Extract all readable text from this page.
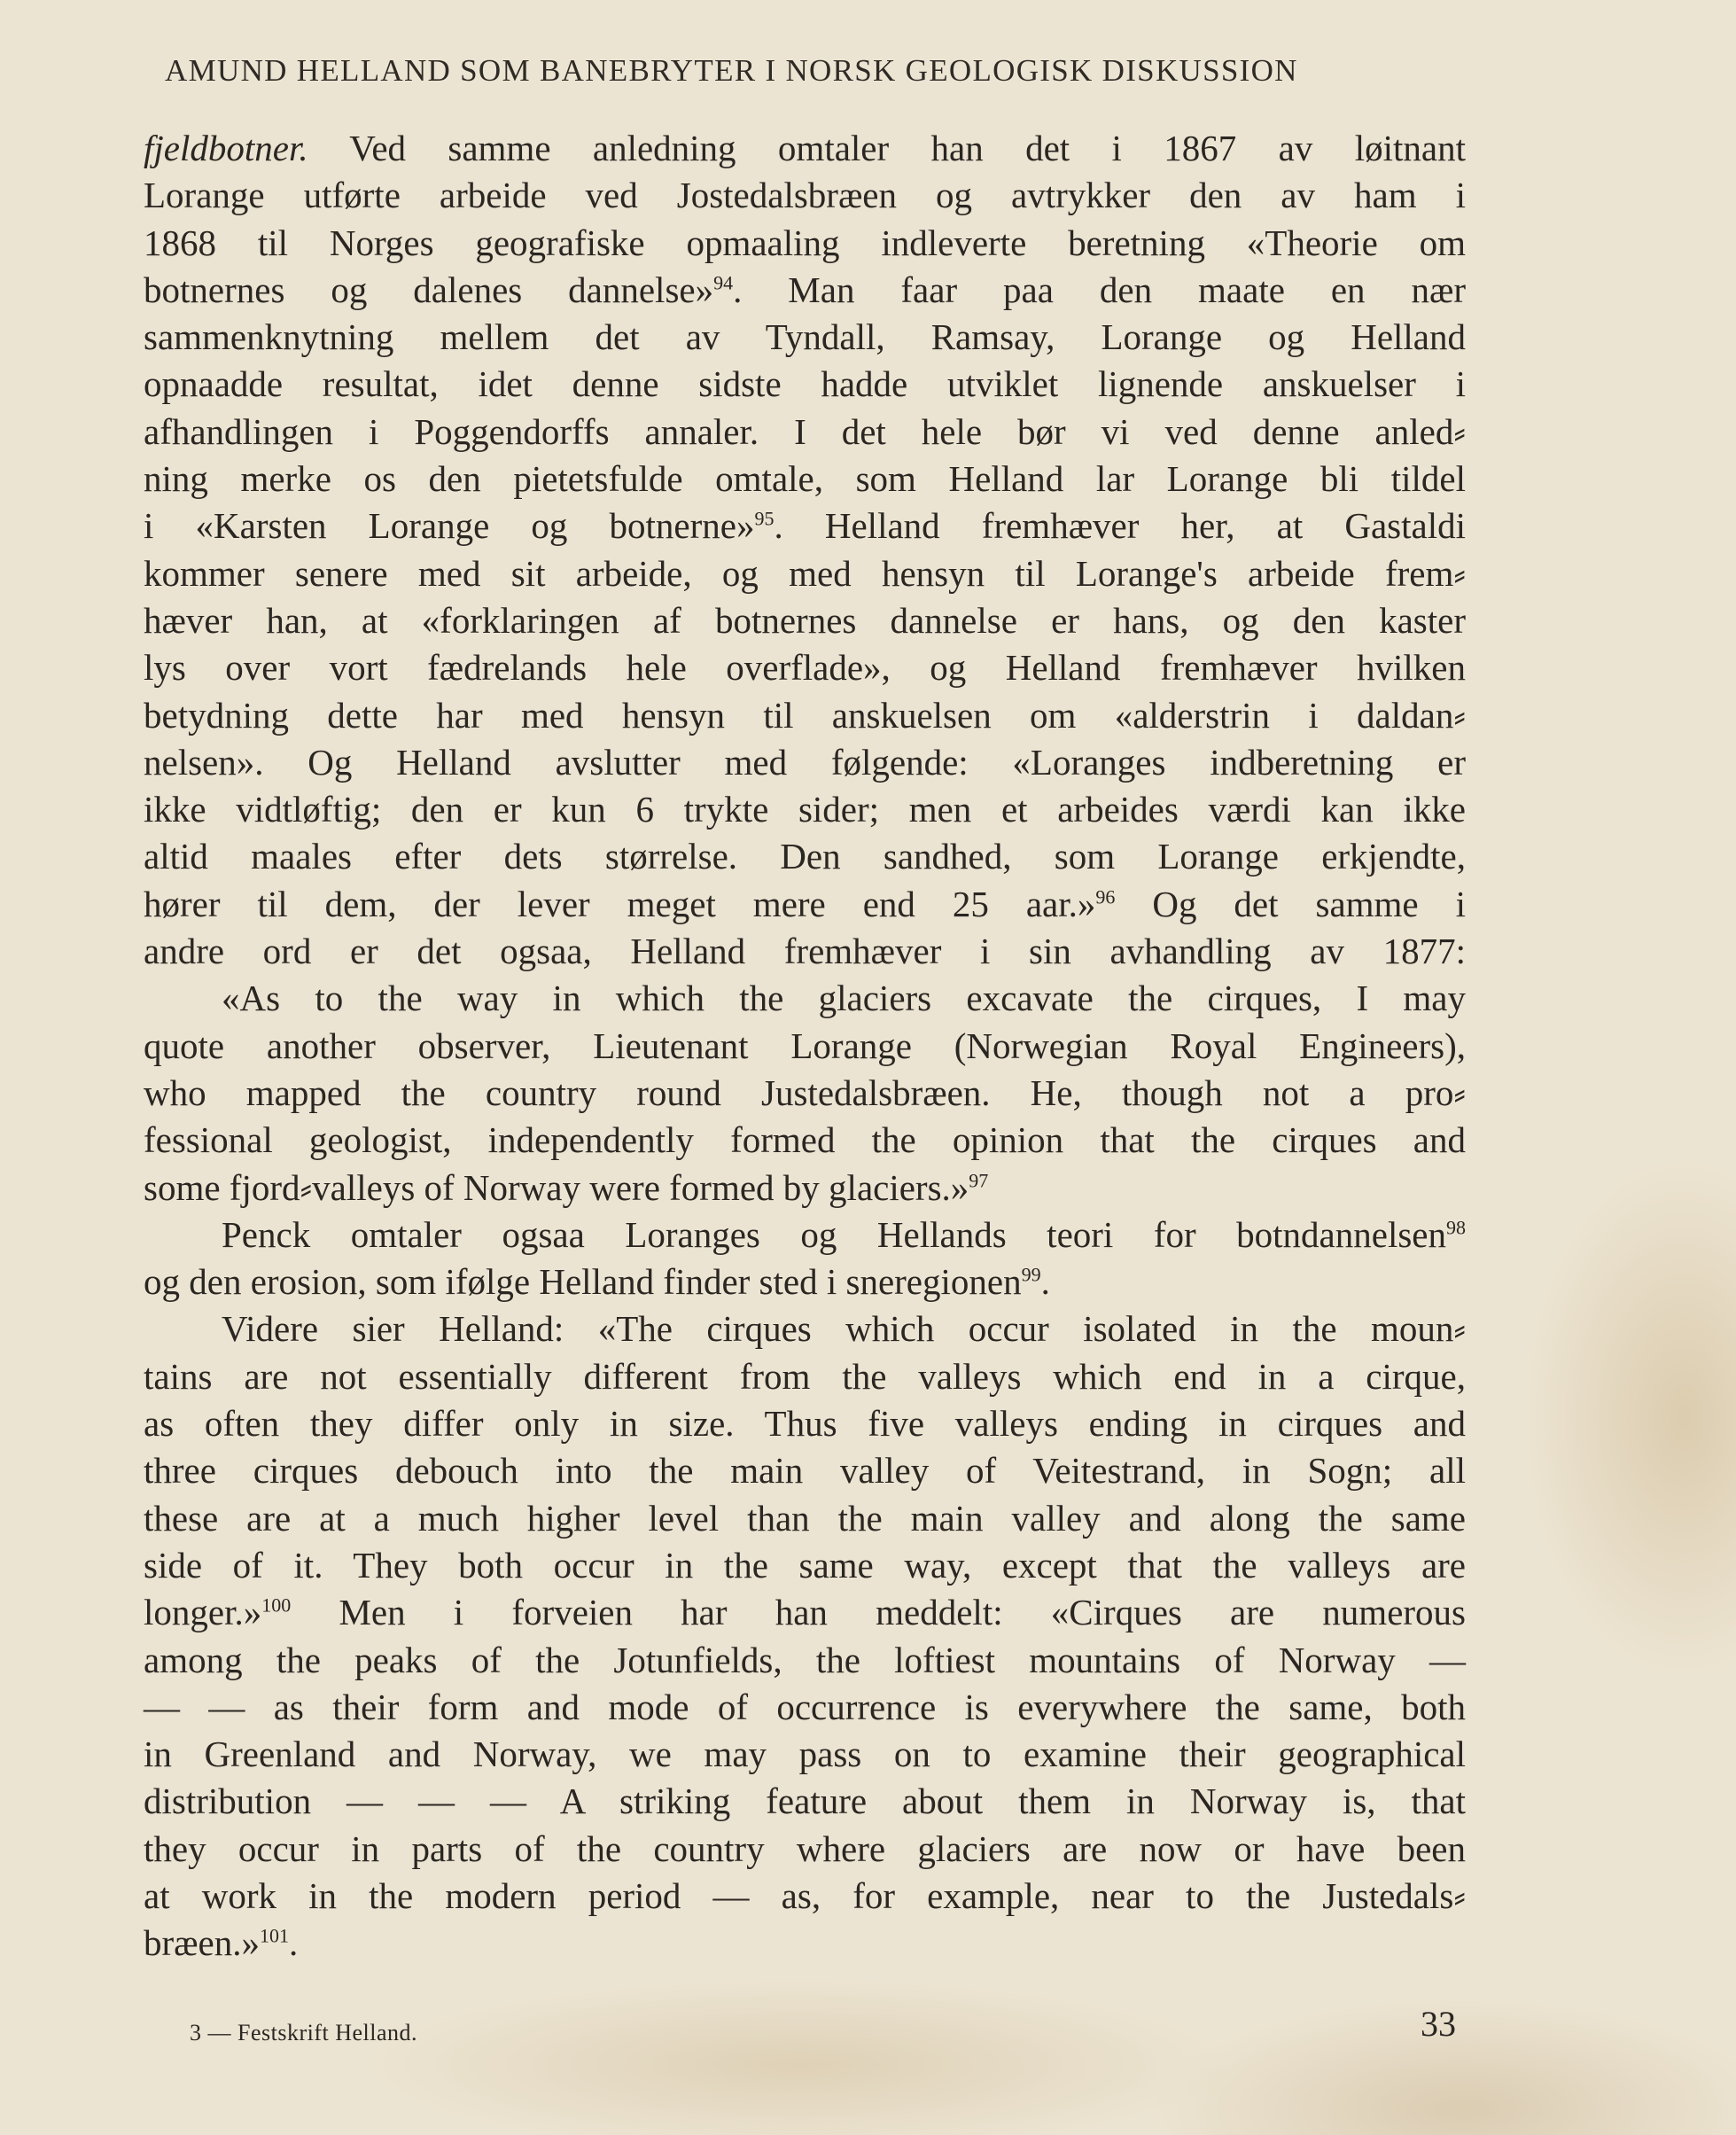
AMUND HELLAND SOM BANEBRYTER I NORSK GEOLOGISK DISKUSSION
fjeldbotner. Ved samme anledning omtaler han det i 1867 av løitnant
Lorange utførte arbeide ved Jostedalsbræen og avtrykker den av ham i
1868 til Norges geografiske opmaaling indleverte beretning «Theorie om
botnernes og dalenes dannelse»$^{94}$. Man faar paa den maate en nær
sammenknytning mellem det av Tyndall, Ramsay, Lorange og Helland
opnaadde resultat, idet denne sidste hadde utviklet lignende anskuelser i
afhandlingen i Poggendorffs annaler. I det hele bør vi ved denne anled⸗
ning merke os den pietetsfulde omtale, som Helland lar Lorange bli tildel
i «Karsten Lorange og botnerne»$^{95}$. Helland fremhæver her, at Gastaldi
kommer senere med sit arbeide, og med hensyn til Lorange's arbeide frem⸗
hæver han, at «forklaringen af botnernes dannelse er hans, og den kaster
lys over vort fædrelands hele overflade», og Helland fremhæver hvilken
betydning dette har med hensyn til anskuelsen om «alderstrin i daldan⸗
nelsen». Og Helland avslutter med følgende: «Loranges indberetning er
ikke vidtløftig; den er kun 6 trykte sider; men et arbeides værdi kan ikke
altid maales efter dets størrelse. Den sandhed, som Lorange erkjendte,
hører til dem, der lever meget mere end 25 aar.»$^{96}$ Og det samme i
andre ord er det ogsaa, Helland fremhæver i sin avhandling av 1877:
«As to the way in which the glaciers excavate the cirques, I may
quote another observer, Lieutenant Lorange (Norwegian Royal Engineers),
who mapped the country round Justedalsbræen. He, though not a pro⸗
fessional geologist, independently formed the opinion that the cirques and
some fjord⸗valleys of Norway were formed by glaciers.»$^{97}$
Penck omtaler ogsaa Loranges og Hellands teori for botndannelsen$^{98}$
og den erosion, som ifølge Helland finder sted i sneregionen$^{99}$.
Videre sier Helland: «The cirques which occur isolated in the moun⸗
tains are not essentially different from the valleys which end in a cirque,
as often they differ only in size. Thus five valleys ending in cirques and
three cirques debouch into the main valley of Veitestrand, in Sogn; all
these are at a much higher level than the main valley and along the same
side of it. They both occur in the same way, except that the valleys are
longer.»$^{100}$ Men i forveien har han meddelt: «Cirques are numerous
among the peaks of the Jotunfields, the loftiest mountains of Norway —
— — as their form and mode of occurrence is everywhere the same, both
in Greenland and Norway, we may pass on to examine their geographical
distribution — — — A striking feature about them in Norway is, that
they occur in parts of the country where glaciers are now or have been
at work in the modern period — as, for example, near to the Justedals⸗
bræen.»$^{101}$.
3 — Festskrift Helland.	33
